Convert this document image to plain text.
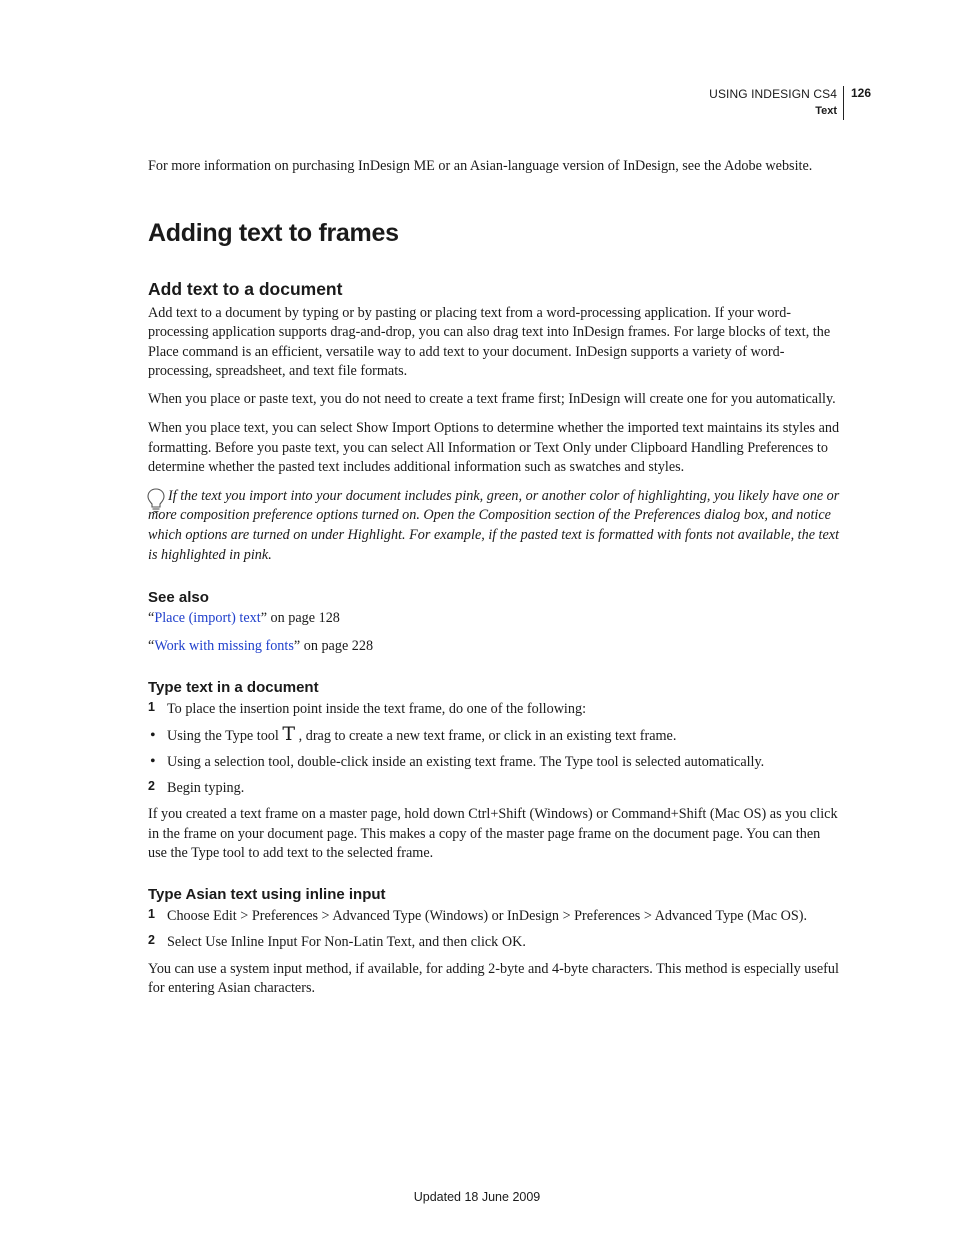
USING INDESIGN CS4
Text
126

For more information on purchasing InDesign ME or an Asian-language version of InDesign, see the Adobe website.

Adding text to frames
Add text to a document

Add text to a document by typing or by pasting or placing text from a word-processing application. If your word-processing application supports drag-and-drop, you can also drag text into InDesign frames. For large blocks of text, the Place command is an efficient, versatile way to add text to your document. InDesign supports a variety of word-processing, spreadsheet, and text file formats.

When you place or paste text, you do not need to create a text frame first; InDesign will create one for you automatically.

When you place text, you can select Show Import Options to determine whether the imported text maintains its styles and formatting. Before you paste text, you can select All Information or Text Only under Clipboard Handling Preferences to determine whether the pasted text includes additional information such as swatches and styles.

If the text you import into your document includes pink, green, or another color of highlighting, you likely have one or more composition preference options turned on. Open the Composition section of the Preferences dialog box, and notice which options are turned on under Highlight. For example, if the pasted text is formatted with fonts not available, the text is highlighted in pink.

See also

“Place (import) text” on page 128

“Work with missing fonts” on page 228

Type text in a document
1 To place the insertion point inside the text frame, do one of the following:

• Using the Type tool T , drag to create a new text frame, or click in an existing text frame.

• Using a selection tool, double-click inside an existing text frame. The Type tool is selected automatically.

2 Begin typing.

If you created a text frame on a master page, hold down Ctrl+Shift (Windows) or Command+Shift (Mac OS) as you click in the frame on your document page. This makes a copy of the master page frame on the document page. You can then use the Type tool to add text to the selected frame.

Type Asian text using inline input
1 Choose Edit > Preferences > Advanced Type (Windows) or InDesign > Preferences > Advanced Type (Mac OS).

2 Select Use Inline Input For Non-Latin Text, and then click OK.

You can use a system input method, if available, for adding 2-byte and 4-byte characters. This method is especially useful for entering Asian characters.

Updated 18 June 2009
